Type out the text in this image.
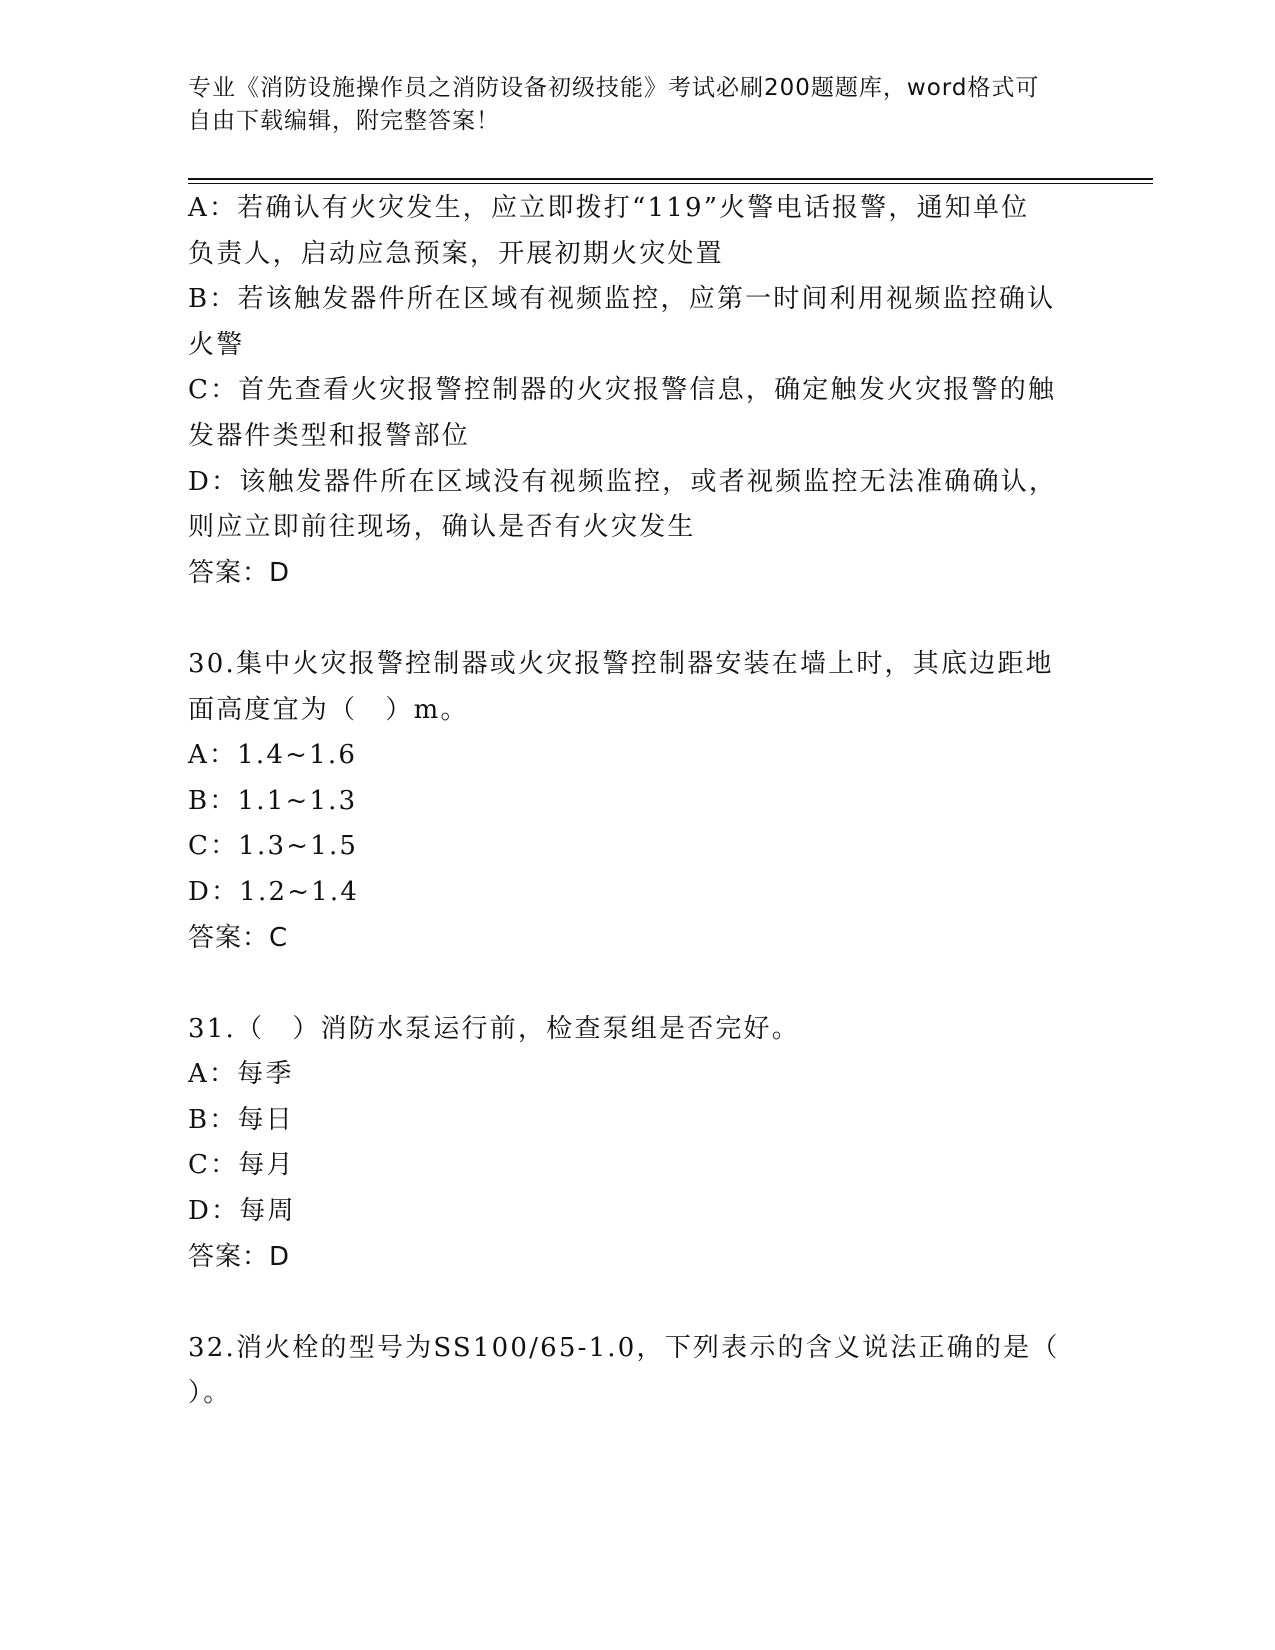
专业《消防设施操作员之消防设备初级技能》考试必刷200题题库，word格式可
自由下载编辑，附完整答案！
A：若确认有火灾发生，应立即拨打“119”火警电话报警，通知单位
负责人，启动应急预案，开展初期火灾处置
B：若该触发器件所在区域有视频监控，应第一时间利用视频监控确认
火警
C：首先查看火灾报警控制器的火灾报警信息，确定触发火灾报警的触
发器件类型和报警部位
D：该触发器件所在区域没有视频监控，或者视频监控无法准确确认，
则应立即前往现场，确认是否有火灾发生
答案：D
30.集中火灾报警控制器或火灾报警控制器安装在墙上时，其底边距地
面高度宜为（　）m。
A：1.4~1.6
B：1.1~1.3
C：1.3~1.5
D：1.2~1.4
答案：C
31.（　）消防水泵运行前，检查泵组是否完好。
A：每季
B：每日
C：每月
D：每周
答案：D
32.消火栓的型号为SS100/65-1.0，下列表示的含义说法正确的是（
）。
